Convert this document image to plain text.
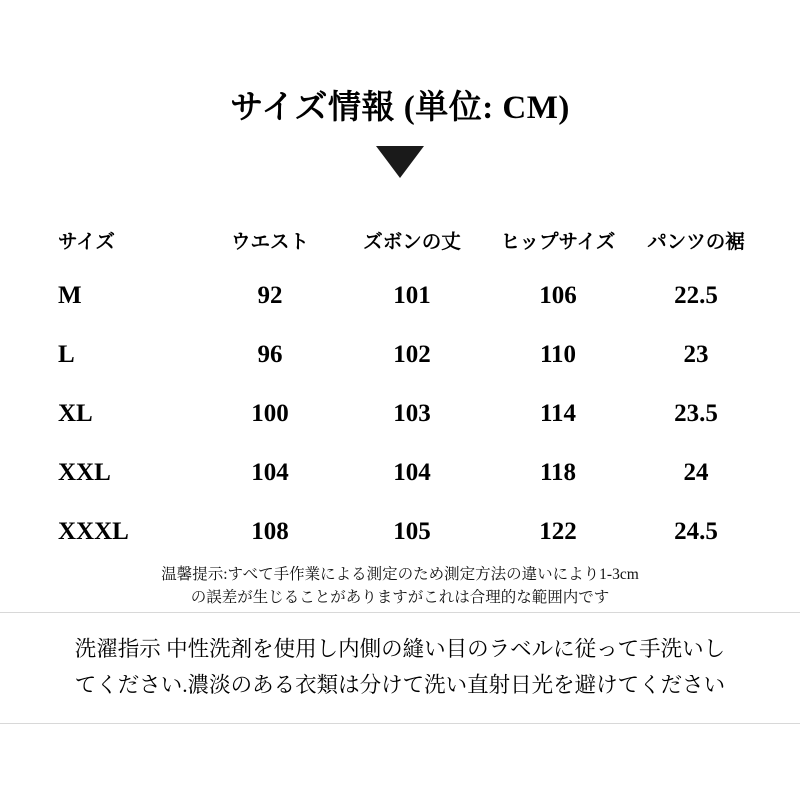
サイズ情報 (単位: CM)
サイズ	ウエスト	ズボンの丈	ヒップサイズ	パンツの裾
M	92	101	106	22.5
L	96	102	110	23
XL	100	103	114	23.5
XXL	104	104	118	24
XXXL	108	105	122	24.5
温馨提示:すべて手作業による測定のため測定方法の違いにより1-3cm
の誤差が生じることがありますがこれは合理的な範囲内です
洗濯指示 中性洗剤を使用し内側の縫い目のラベルに従って手洗いし
てください.濃淡のある衣類は分けて洗い直射日光を避けてください
